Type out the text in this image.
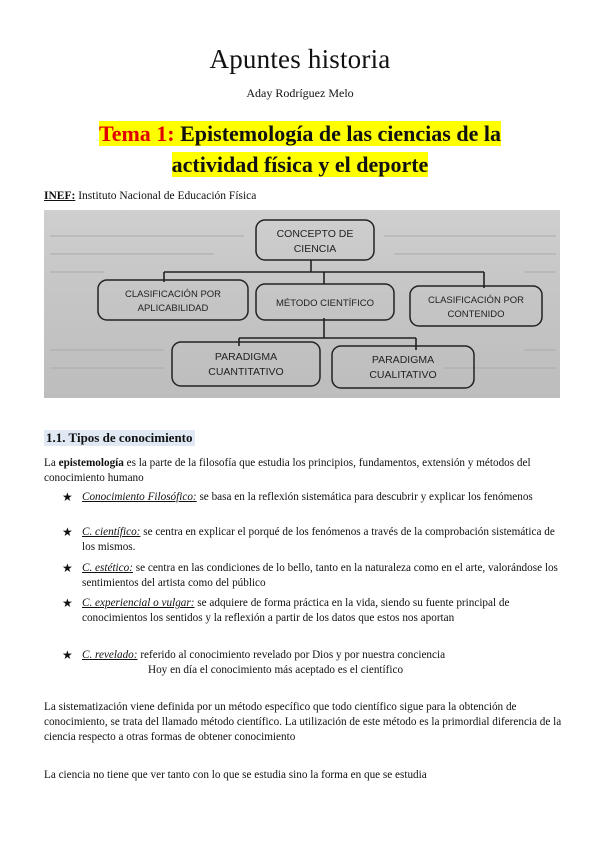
Apuntes historia
Aday Rodríguez Melo
Tema 1: Epistemología de las ciencias de la actividad física y el deporte
INEF: Instituto Nacional de Educación Física
CONCEPTO DE
CIENCIA
CLASIFICACIÓN POR
APLICABILIDAD	MÉTODO CIENTÍFICO	CLASIFICACIÓN POR
CONTENIDO
PARADIGMA
CUANTITATIVO
PARADIGMA
CUALITATIVO
1.1. Tipos de conocimiento
La epistemología es la parte de la filosofía que estudia los principios, fundamentos, extensión y métodos del conocimiento humano
★ Conocimiento Filosófico: se basa en la reflexión sistemática para descubrir y explicar los fenómenos
★ C. científico: se centra en explicar el porqué de los fenómenos a través de la comprobación sistemática de los mismos.
★ C. estético: se centra en las condiciones de lo bello, tanto en la naturaleza como en el arte, valorándose los sentimientos del artista como del público
★ C. experiencial o vulgar: se adquiere de forma práctica en la vida, siendo su fuente principal de conocimientos los sentidos y la reflexión a partir de los datos que estos nos aportan
★ C. revelado: referido al conocimiento revelado por Dios y por nuestra conciencia
Hoy en día el conocimiento más aceptado es el científico
La sistematización viene definida por un método específico que todo científico sigue para la obtención de conocimiento, se trata del llamado método científico. La utilización de este método es la primordial diferencia de la ciencia respecto a otras formas de obtener conocimiento
La ciencia no tiene que ver tanto con lo que se estudia sino la forma en que se estudia
